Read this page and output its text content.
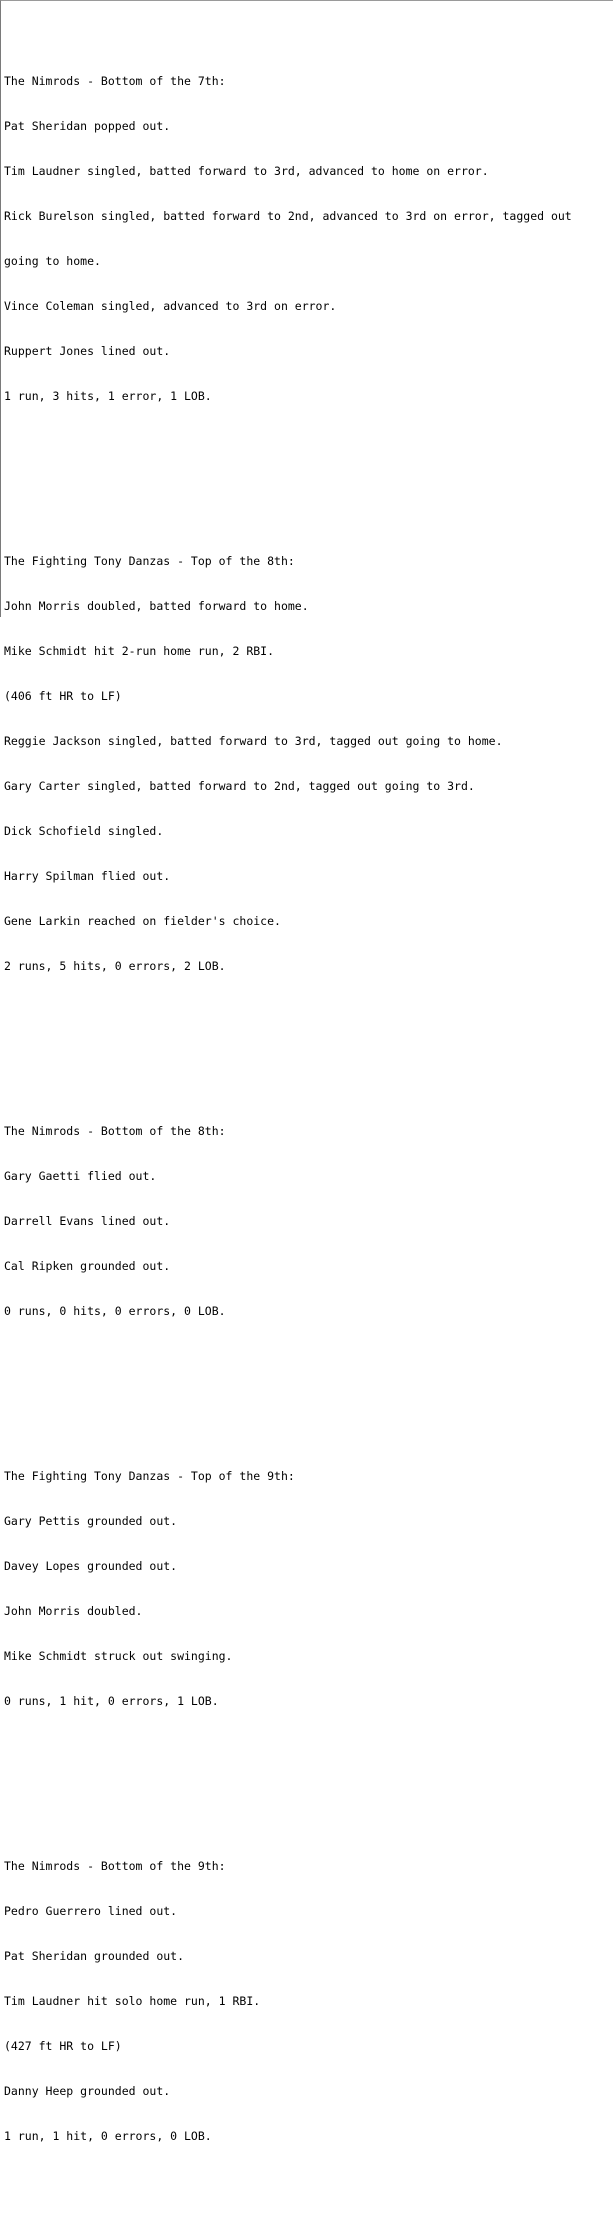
The Nimrods - Bottom of the 7th:

Pat Sheridan popped out.

Tim Laudner singled, batted forward to 3rd, advanced to home on error.

Rick Burelson singled, batted forward to 2nd, advanced to 3rd on error, tagged out

going to home.

Vince Coleman singled, advanced to 3rd on error.

Ruppert Jones lined out.

1 run, 3 hits, 1 error, 1 LOB.

The Fighting Tony Danzas - Top of the 8th:

John Morris doubled, batted forward to home.

Mike Schmidt hit 2-run home run, 2 RBI.

(406 ft HR to LF)

Reggie Jackson singled, batted forward to 3rd, tagged out going to home.

Gary Carter singled, batted forward to 2nd, tagged out going to 3rd.

Dick Schofield singled.

Harry Spilman flied out.

Gene Larkin reached on fielder's choice.

2 runs, 5 hits, 0 errors, 2 LOB.

The Nimrods - Bottom of the 8th:

Gary Gaetti flied out.

Darrell Evans lined out.

Cal Ripken grounded out.

0 runs, 0 hits, 0 errors, 0 LOB.

The Fighting Tony Danzas - Top of the 9th:

Gary Pettis grounded out.

Davey Lopes grounded out.

John Morris doubled.

Mike Schmidt struck out swinging.

0 runs, 1 hit, 0 errors, 1 LOB.

The Nimrods - Bottom of the 9th:

Pedro Guerrero lined out.

Pat Sheridan grounded out.

Tim Laudner hit solo home run, 1 RBI.

(427 ft HR to LF)

Danny Heep grounded out.

1 run, 1 hit, 0 errors, 0 LOB.
